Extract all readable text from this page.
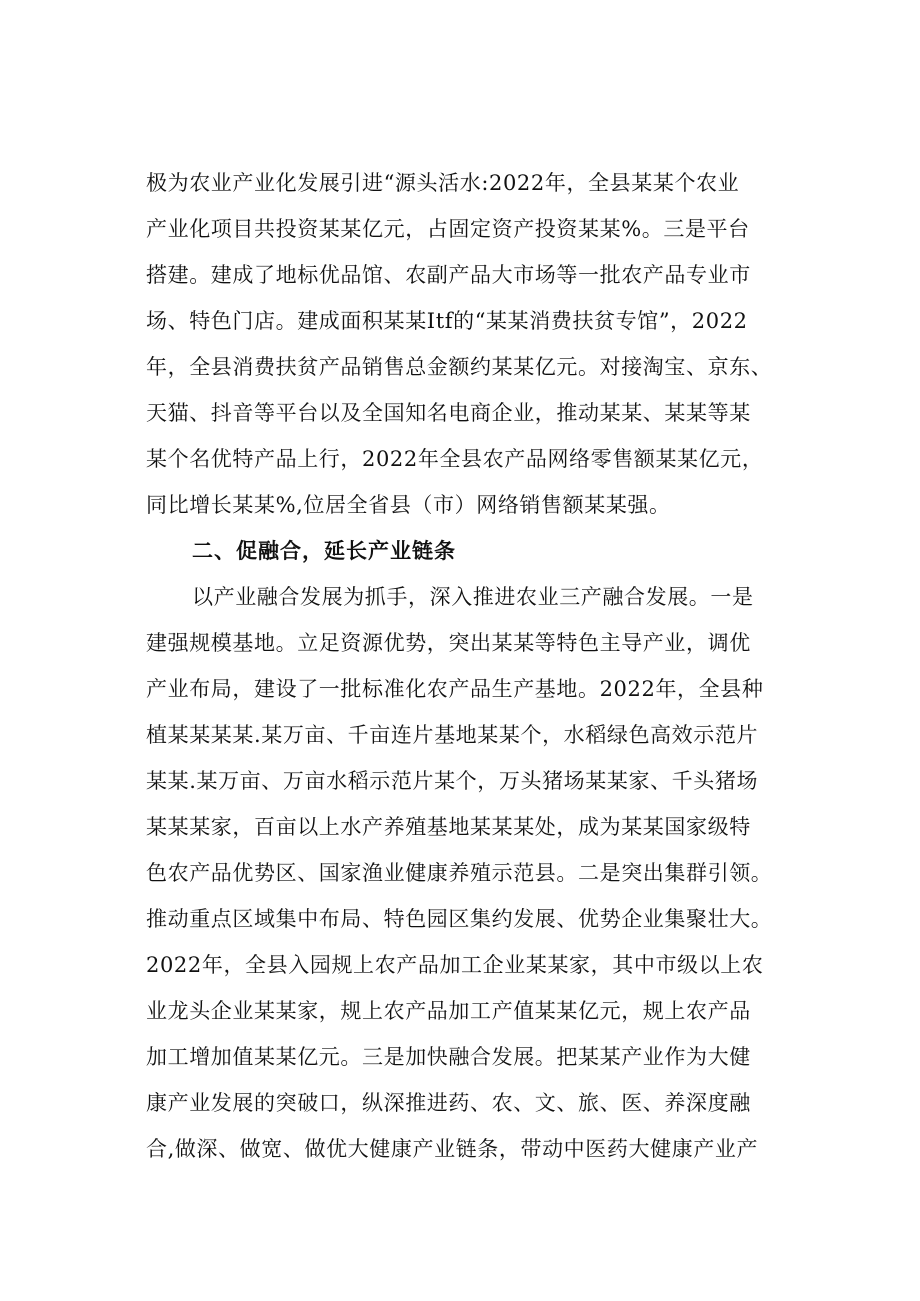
极为农业产业化发展引进“源头活水:2022年，全县某某个农业
产业化项目共投资某某亿元，占固定资产投资某某%。三是平台
搭建。建成了地标优品馆、农副产品大市场等一批农产品专业市
场、特色门店。建成面积某某Itf的“某某消费扶贫专馆”，2022
年，全县消费扶贫产品销售总金额约某某亿元。对接淘宝、京东、
天猫、抖音等平台以及全国知名电商企业，推动某某、某某等某
某个名优特产品上行，2022年全县农产品网络零售额某某亿元，
同比增长某某%,位居全省县（市）网络销售额某某强。
二、促融合，延长产业链条
以产业融合发展为抓手，深入推进农业三产融合发展。一是
建强规模基地。立足资源优势，突出某某等特色主导产业，调优
产业布局，建设了一批标准化农产品生产基地。2022年，全县种
植某某某某.某万亩、千亩连片基地某某个，水稻绿色高效示范片
某某.某万亩、万亩水稻示范片某个，万头猪场某某家、千头猪场
某某某家，百亩以上水产养殖基地某某某处，成为某某国家级特
色农产品优势区、国家渔业健康养殖示范县。二是突出集群引领。
推动重点区域集中布局、特色园区集约发展、优势企业集聚壮大。
2022年，全县入园规上农产品加工企业某某家，其中市级以上农
业龙头企业某某家，规上农产品加工产值某某亿元，规上农产品
加工增加值某某亿元。三是加快融合发展。把某某产业作为大健
康产业发展的突破口，纵深推进药、农、文、旅、医、养深度融
合,做深、做宽、做优大健康产业链条，带动中医药大健康产业产
